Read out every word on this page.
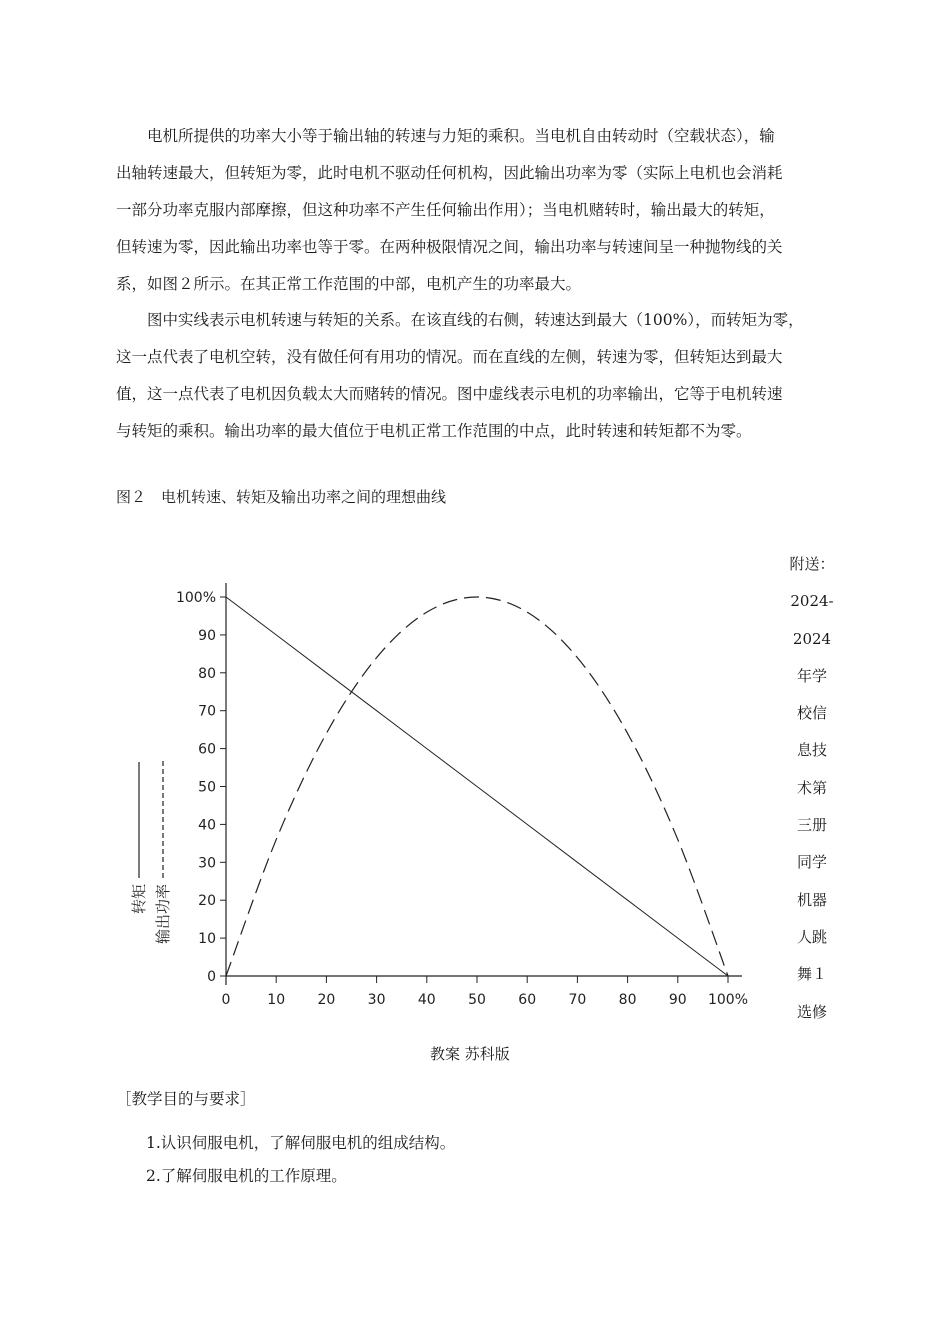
　　电机所提供的功率大小等于输出轴的转速与力矩的乘积。当电机自由转动时（空载状态），输
出轴转速最大，但转矩为零，此时电机不驱动任何机构，因此输出功率为零（实际上电机也会消耗
一部分功率克服内部摩擦，但这种功率不产生任何输出作用）；当电机赌转时，输出最大的转矩，
但转速为零，因此输出功率也等于零。在两种极限情况之间，输出功率与转速间呈一种抛物线的关
系，如图２所示。在其正常工作范围的中部，电机产生的功率最大。

　　图中实线表示电机转速与转矩的关系。在该直线的右侧，转速达到最大（100%），而转矩为零，
这一点代表了电机空转，没有做任何有用功的情况。而在直线的左侧，转速为零，但转矩达到最大
值，这一点代表了电机因负载太大而赌转的情况。图中虚线表示电机的功率输出，它等于电机转速
与转矩的乘积。输出功率的最大值位于电机正常工作范围的中点，此时转速和转矩都不为零。

图２　电机转速、转矩及输出功率之间的理想曲线
0	10 20 30 40 50 60 70 80 90 100%
0
10
20
30
40
50
60
70
80
90
100%
转矩 输出功率
附送：
2024-
2024
年学
校信
息技
术第
三册
同学
机器
人跳
舞１
选修
教案 苏科版
［教学目的与要求］
1.认识伺服电机，了解伺服电机的组成结构。
2.了解伺服电机的工作原理。
